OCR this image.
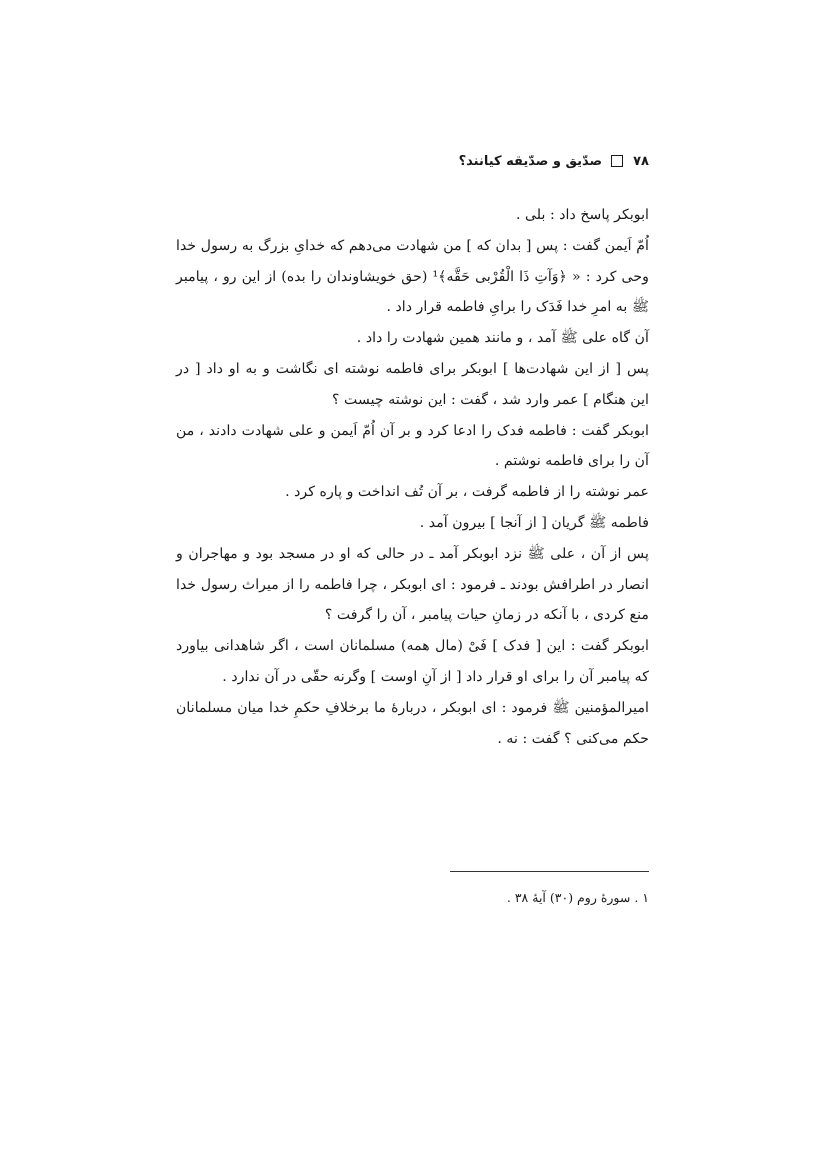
۷۸
صدّیق و صدّیقه کیانند؟

ابوبکر پاسخ داد : بلی .

اُمّ اَیمن گفت : پس [ بدان که ] من شهادت می‌دهم که خدایِ بزرگ به رسول خدا وحی کرد : « ﴿وَآتِ ذَا الْقُرْبی حَقَّه﴾¹ (حق خویشاوندان را بده) از این رو ، پیامبر ﷺ به امرِ خدا فَدَک را برایِ فاطمه قرار داد .

آن گاه علی ﷺ آمد ، و مانند همین شهادت را داد .

پس [ از این شهادت‌ها ] ابوبکر برای فاطمه نوشته ای نگاشت و به او داد [ در این هنگام ] عمر وارد شد ، گفت : این نوشته چیست ؟

ابوبکر گفت : فاطمه فدک را ادعا کرد و بر آن اُمّ اَیمن و علی شهادت دادند ، من آن را برای فاطمه نوشتم .

عمر نوشته را از فاطمه گرفت ، بر آن تُف انداخت و پاره کرد .

فاطمه ﷺ گریان [ از آنجا ] بیرون آمد .

پس از آن ، علی ﷺ نزد ابوبکر آمد ـ در حالی که او در مسجد بود و مهاجران و انصار در اطرافش بودند ـ فرمود : ای ابوبکر ، چرا فاطمه را از میراث رسول خدا منع کردی ، با آنکه در زمانِ حیات پیامبر ، آن را گرفت ؟

ابوبکر گفت : این [ فدک ] فَیْ (مال همه) مسلمانان است ، اگر شاهدانی بیاورد که پیامبر آن را برای او قرار داد [ از آنِ اوست ] وگرنه حقّی در آن ندارد .

امیرالمؤمنین ﷺ فرمود : ای ابوبکر ، دربارهٔ ما برخلافِ حکمِ خدا میان مسلمانان حکم می‌کنی ؟ گفت : نه .

۱ . سورهٔ روم (۳۰) آیهٔ ۳۸ .
